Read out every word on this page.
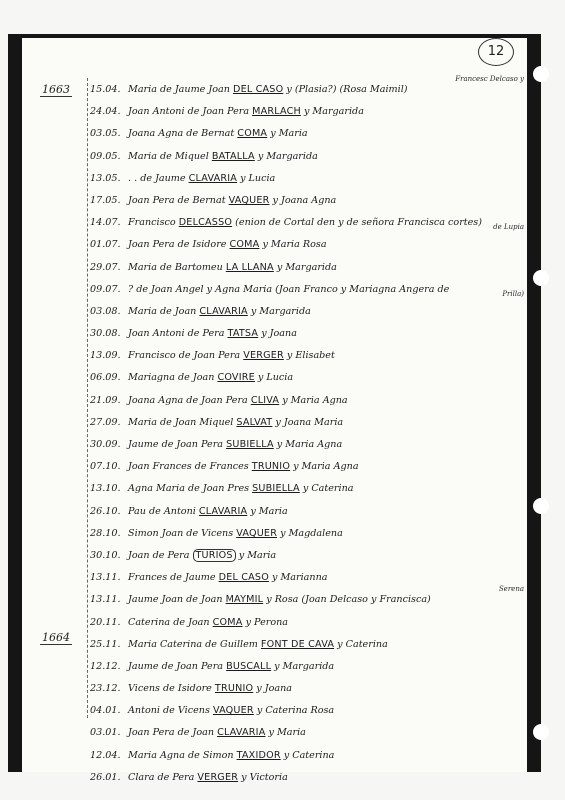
12
1663
1664
15.04. Maria de Jaume Joan DEL CASO y (Plasia?) (Rosa Maimil)
Francesc Delcaso y
24.04. Joan Antoni de Joan Pera MARLACH y Margarida
03.05. Joana Agna de Bernat COMA y Maria
09.05. Maria de Miquel BATALLA y Margarida
13.05. . . de Jaume CLAVARIA y Lucia
17.05. Joan Pera de Bernat VAQUER y Joana Agna
14.07. Francisco DELCASSO (enion de Cortal den y de señora Francisca cortes) de Lupia
01.07. Joan Pera de Isidore COMA y Maria Rosa
29.07. Maria de Bartomeu LA LLANA y Margarida
09.07. ? de Joan Angel y Agna Maria (Joan Franco y Mariagna Angera de	Prilla)
03.08. Maria de Joan CLAVARIA y Margarida
30.08. Joan Antoni de Pera TATSA y Joana
13.09. Francisco de Joan Pera VERGER y Elisabet
06.09. Mariagna de Joan COVIRE y Lucia
21.09. Joana Agna de Joan Pera CLIVA y Maria Agna
27.09. Maria de Joan Miquel SALVAT y Joana Maria
30.09. Jaume de Joan Pera SUBIELLA y Maria Agna
07.10. Joan Frances de Frances TRUNIO y Maria Agna
13.10. Agna Maria de Joan Pres SUBIELLA y Caterina
26.10. Pau de Antoni CLAVARIA y Maria
28.10. Simon Joan de Vicens VAQUER y Magdalena
30.10. Joan de Pera TURIOS y Maria
13.11. Frances de Jaume DEL CASO y Marianna
13.11. Jaume Joan de Joan MAYMIL y Rosa (Joan Delcaso y Francisca)
Serena
20.11. Caterina de Joan COMA y Perona
25.11. Maria Caterina de Guillem FONT DE CAVA y Caterina
12.12. Jaume de Joan Pera BUSCALL y Margarida
23.12. Vicens de Isidore TRUNIO y Joana
04.01. Antoni de Vicens VAQUER y Caterina Rosa
03.01. Joan Pera de Joan CLAVARIA y Maria
12.04. Maria Agna de Simon TAXIDOR y Caterina
26.01. Clara de Pera VERGER y Victoria
